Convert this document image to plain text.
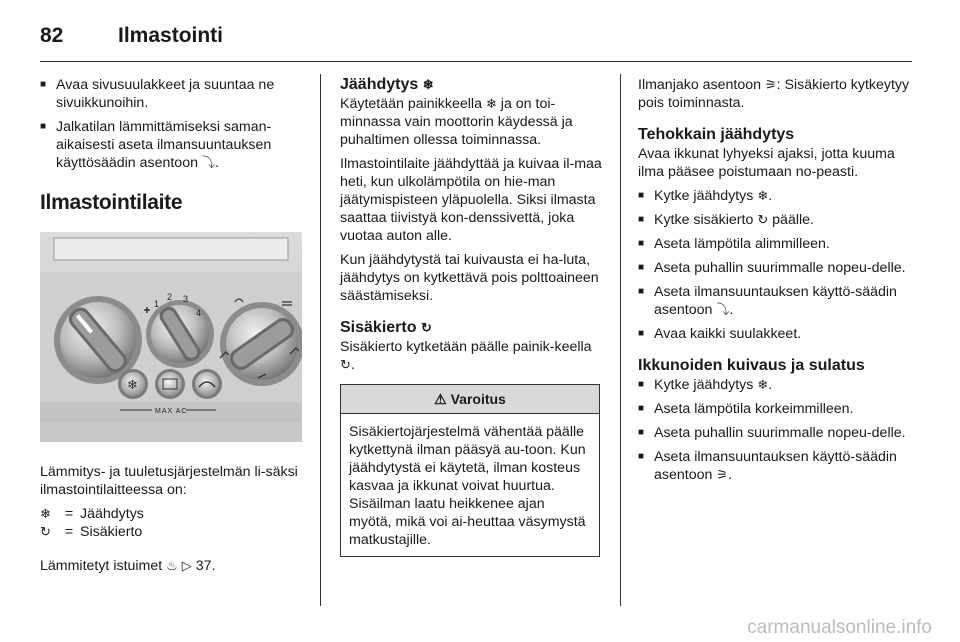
82	Ilmastointi
■ Avaa sivusuulakkeet ja suuntaa ne sivuikkunoihin.
■ Jalkatilan lämmittämiseksi saman-aikaisesti aseta ilmansuuntauksen käyttösäädin asentoon ⤵.
Ilmastointilaite
1
2 3
4
❄
MAX AC

Lämmitys- ja tuuletusjärjestelmän li-säksi ilmastointilaitteessa on:

❄ = Jäähdytys
↻ = Sisäkierto

Lämmitetyt istuimet ♨ ▷ 37.

Jäähdytys ❄

Käytetään painikkeella ❄ ja on toi-minnassa vain moottorin käydessä ja puhaltimen ollessa toiminnassa.

Ilmastointilaite jäähdyttää ja kuivaa il-maa heti, kun ulkolämpötila on hie-man jäätymispisteen yläpuolella. Siksi ilmasta saattaa tiivistyä kon-denssivettä, joka vuotaa auton alle.

Kun jäähdytystä tai kuivausta ei ha-luta, jäähdytys on kytkettävä pois polttoaineen säästämiseksi.

Sisäkierto ↻

Sisäkierto kytketään päälle painik-keella ↻.

⚠ Varoitus
Sisäkiertojärjestelmä vähentää päälle kytkettynä ilman pääsyä au-toon. Kun jäähdytystä ei käytetä, ilman kosteus kasvaa ja ikkunat voivat huurtua. Sisäilman laatu heikkenee ajan myötä, mikä voi ai-heuttaa väsymystä matkustajille.

Ilmanjako asentoon ⚞: Sisäkierto kytkeytyy pois toiminnasta.

Tehokkain jäähdytys

Avaa ikkunat lyhyeksi ajaksi, jotta kuuma ilma pääsee poistumaan no-peasti.

■ Kytke jäähdytys ❄.
■ Kytke sisäkierto ↻ päälle.
■ Aseta lämpötila alimmilleen.
■ Aseta puhallin suurimmalle nopeu-delle.
■ Aseta ilmansuuntauksen käyttö-säädin asentoon ⤵.
■ Avaa kaikki suulakkeet.
Ikkunoiden kuivaus ja sulatus
■ Kytke jäähdytys ❄.
■ Aseta lämpötila korkeimmilleen.
■ Aseta puhallin suurimmalle nopeu-delle.
■ Aseta ilmansuuntauksen käyttö-säädin asentoon ⚞.
carmanualsonline.info
